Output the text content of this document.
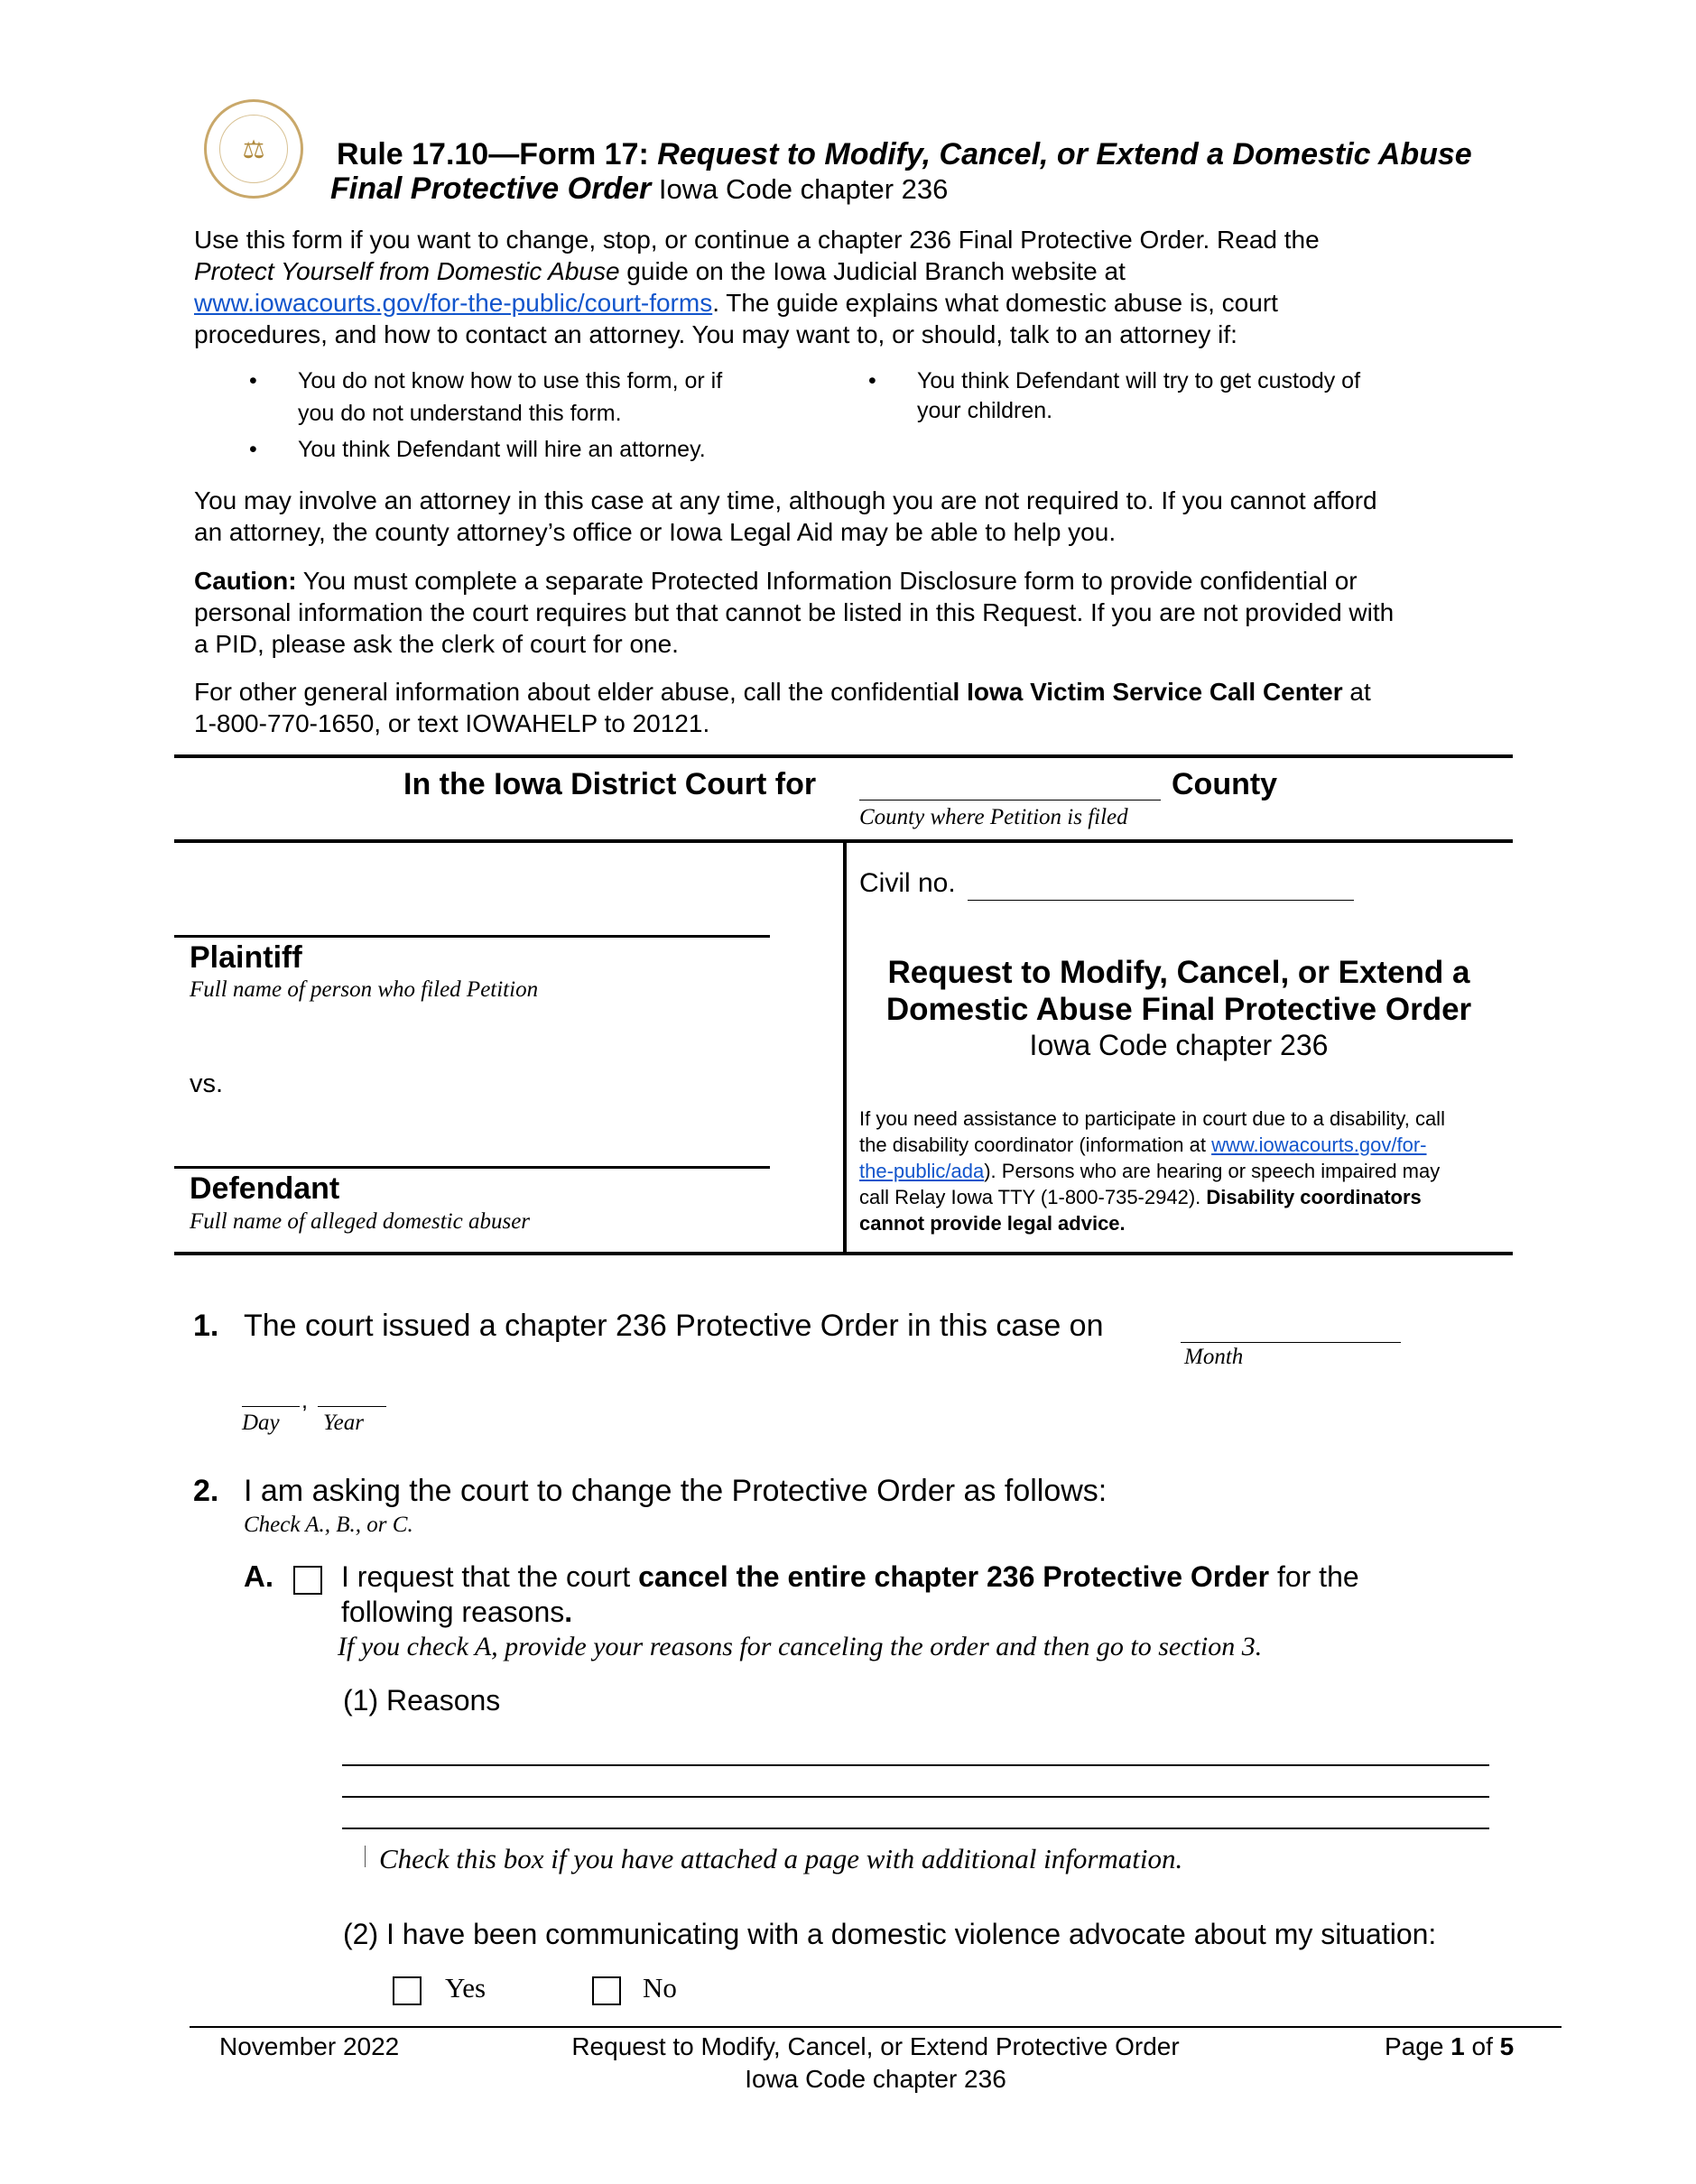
⚖	Rule 17.10—Form 17: Request to Modify, Cancel, or Extend a Domestic Abuse
Final Protective Order Iowa Code chapter 236
Use this form if you want to change, stop, or continue a chapter 236 Final Protective Order. Read the
Protect Yourself from Domestic Abuse guide on the Iowa Judicial Branch website at
www.iowacourts.gov/for-the-public/court-forms. The guide explains what domestic abuse is, court
procedures, and how to contact an attorney. You may want to, or should, talk to an attorney if:
• You do not know how to use this form, or if
you do not understand this form.
• You think Defendant will hire an attorney.
• You think Defendant will try to get custody of
your children.
You may involve an attorney in this case at any time, although you are not required to. If you cannot afford
an attorney, the county attorney’s office or Iowa Legal Aid may be able to help you.
Caution: You must complete a separate Protected Information Disclosure form to provide confidential or
personal information the court requires but that cannot be listed in this Request. If you are not provided with
a PID, please ask the clerk of court for one.
For other general information about elder abuse, call the confidential Iowa Victim Service Call Center at
1-800-770-1650, or text IOWAHELP to 20121.
In the Iowa District Court for	County
County where Petition is filed
Civil no.
Plaintiff
Full name of person who filed Petition
vs.
Defendant
Full name of alleged domestic abuser
Request to Modify, Cancel, or Extend a
Domestic Abuse Final Protective Order
Iowa Code chapter 236
If you need assistance to participate in court due to a disability, call
the disability coordinator (information at www.iowacourts.gov/for-
the-public/ada). Persons who are hearing or speech impaired may
call Relay Iowa TTY (1-800-735-2942). Disability coordinators
cannot provide legal advice.
1. The court issued a chapter 236 Protective Order in this case on
Month
,
Day Year
2. I am asking the court to change the Protective Order as follows:
Check A., B., or C.
A. I request that the court cancel the entire chapter 236 Protective Order for the
following reasons.
If you check A, provide your reasons for canceling the order and then go to section 3.
(1) Reasons
Check this box if you have attached a page with additional information.
(2) I have been communicating with a domestic violence advocate about my situation:
Yes	No
November 2022	Request to Modify, Cancel, or Extend Protective Order
Iowa Code chapter 236
Page 1 of 5
